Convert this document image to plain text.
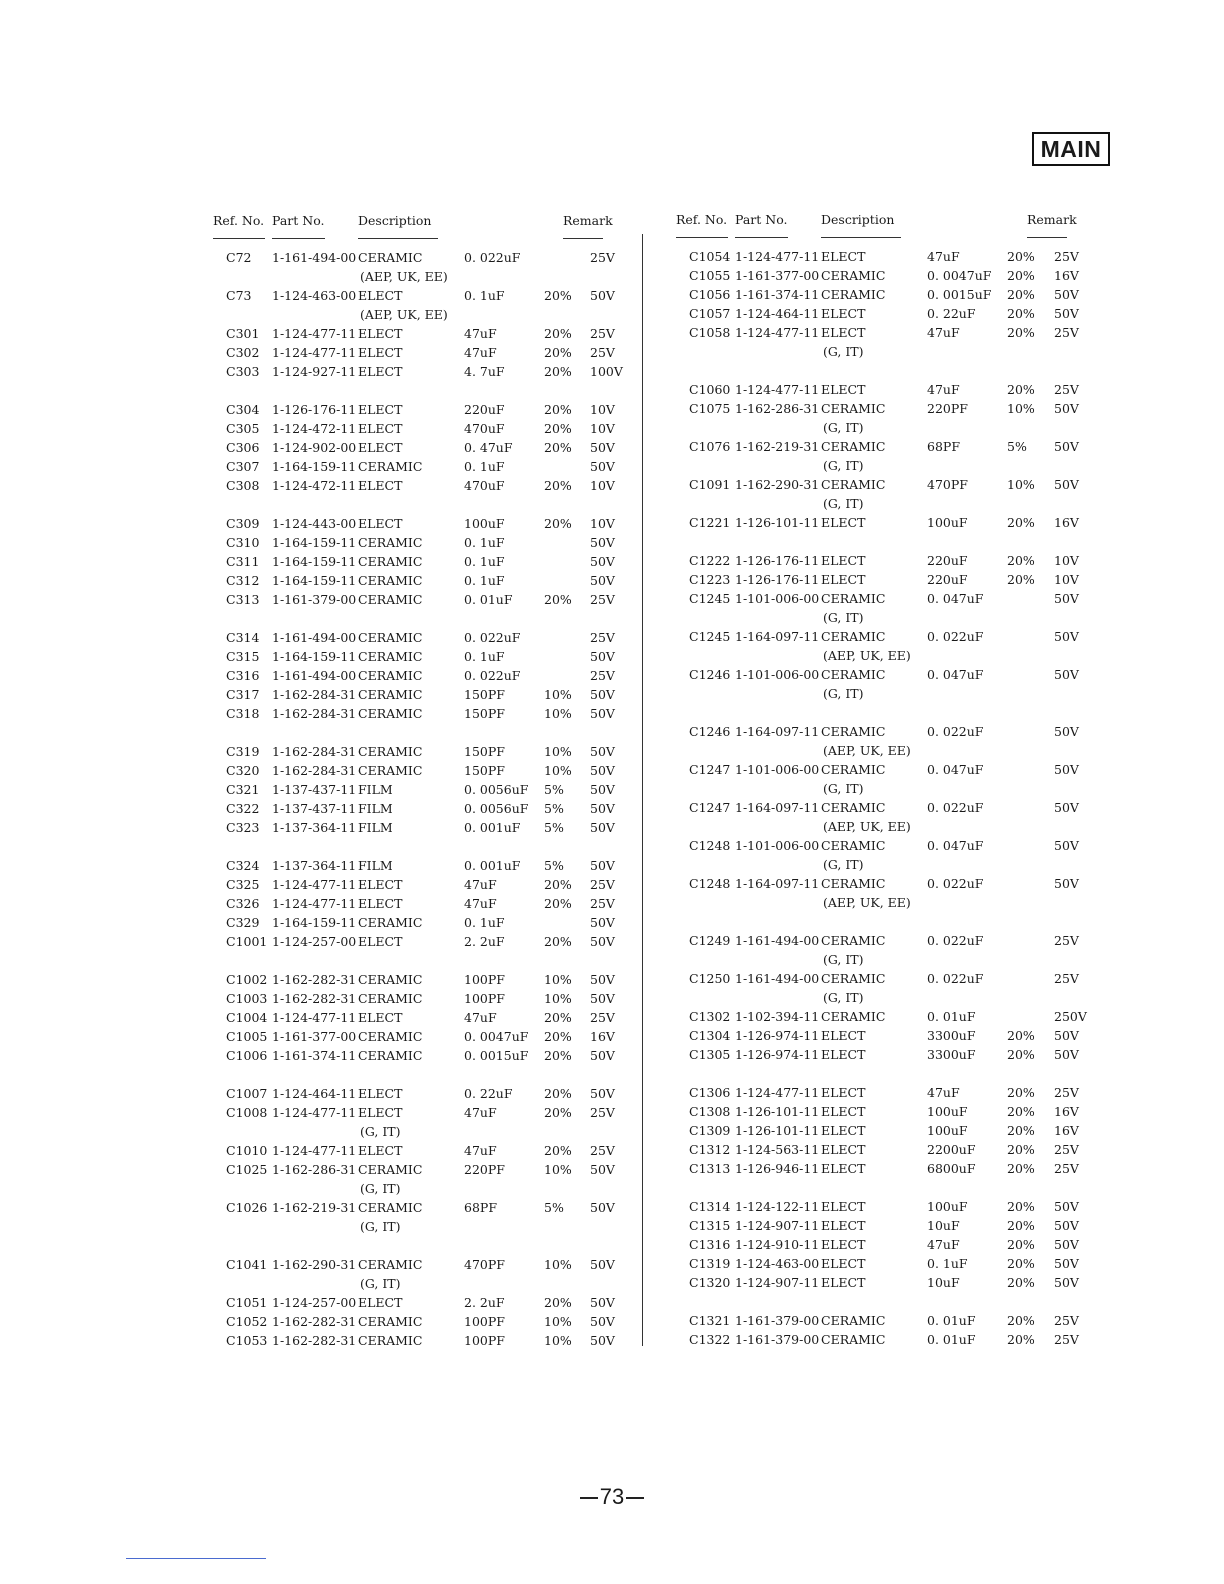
MAIN
Ref. No. Part No.	Description	Remark
C72 1-161-494-00 CERAMIC	0. 022uF	25V
(AEP, UK, EE)
C73 1-124-463-00 ELECT	0. 1uF	20% 50V
(AEP, UK, EE)
C301 1-124-477-11 ELECT	47uF	20% 25V
C302 1-124-477-11 ELECT	47uF	20% 25V
C303 1-124-927-11 ELECT	4. 7uF	20% 100V
C304 1-126-176-11 ELECT	220uF	20% 10V
C305 1-124-472-11 ELECT	470uF	20% 10V
C306 1-124-902-00 ELECT	0. 47uF	20% 50V
C307 1-164-159-11 CERAMIC	0. 1uF	50V
C308 1-124-472-11 ELECT	470uF	20% 10V
C309 1-124-443-00 ELECT	100uF	20% 10V
C310 1-164-159-11 CERAMIC	0. 1uF	50V
C311 1-164-159-11 CERAMIC	0. 1uF	50V
C312 1-164-159-11 CERAMIC	0. 1uF	50V
C313 1-161-379-00 CERAMIC	0. 01uF	20% 25V
C314 1-161-494-00 CERAMIC	0. 022uF	25V
C315 1-164-159-11 CERAMIC	0. 1uF	50V
C316 1-161-494-00 CERAMIC	0. 022uF	25V
C317 1-162-284-31 CERAMIC	150PF	10% 50V
C318 1-162-284-31 CERAMIC	150PF	10% 50V
C319 1-162-284-31 CERAMIC	150PF	10% 50V
C320 1-162-284-31 CERAMIC	150PF	10% 50V
C321 1-137-437-11 FILM	0. 0056uF 5% 50V
C322 1-137-437-11 FILM	0. 0056uF 5% 50V
C323 1-137-364-11 FILM	0. 001uF 5% 50V
C324 1-137-364-11 FILM	0. 001uF 5% 50V
C325 1-124-477-11 ELECT	47uF	20% 25V
C326 1-124-477-11 ELECT	47uF	20% 25V
C329 1-164-159-11 CERAMIC	0. 1uF	50V
C1001 1-124-257-00 ELECT	2. 2uF	20% 50V
C1002 1-162-282-31 CERAMIC	100PF	10% 50V
C1003 1-162-282-31 CERAMIC	100PF	10% 50V
C1004 1-124-477-11 ELECT	47uF	20% 25V
C1005 1-161-377-00 CERAMIC	0. 0047uF 20% 16V
C1006 1-161-374-11 CERAMIC	0. 0015uF 20% 50V
C1007 1-124-464-11 ELECT	0. 22uF	20% 50V
C1008 1-124-477-11 ELECT	47uF	20% 25V
(G, IT)
C1010 1-124-477-11 ELECT	47uF	20% 25V
C1025 1-162-286-31 CERAMIC	220PF	10% 50V
(G, IT)
C1026 1-162-219-31 CERAMIC	68PF	5% 50V
(G, IT)
C1041 1-162-290-31 CERAMIC	470PF	10% 50V
(G, IT)
C1051 1-124-257-00 ELECT	2. 2uF	20% 50V
C1052 1-162-282-31 CERAMIC	100PF	10% 50V
C1053 1-162-282-31 CERAMIC	100PF	10% 50V
Ref. No. Part No.	Description	Remark
C1054 1-124-477-11 ELECT	47uF	20% 25V
C1055 1-161-377-00 CERAMIC	0. 0047uF 20% 16V
C1056 1-161-374-11 CERAMIC	0. 0015uF 20% 50V
C1057 1-124-464-11 ELECT	0. 22uF	20% 50V
C1058 1-124-477-11 ELECT	47uF	20% 25V
(G, IT)
C1060 1-124-477-11 ELECT	47uF	20% 25V
C1075 1-162-286-31 CERAMIC	220PF	10% 50V
(G, IT)
C1076 1-162-219-31 CERAMIC	68PF	5% 50V
(G, IT)
C1091 1-162-290-31 CERAMIC	470PF	10% 50V
(G, IT)
C1221 1-126-101-11 ELECT	100uF	20% 16V
C1222 1-126-176-11 ELECT	220uF	20% 10V
C1223 1-126-176-11 ELECT	220uF	20% 10V
C1245 1-101-006-00 CERAMIC	0. 047uF	50V
(G, IT)
C1245 1-164-097-11 CERAMIC	0. 022uF	50V
(AEP, UK, EE)
C1246 1-101-006-00 CERAMIC	0. 047uF	50V
(G, IT)
C1246 1-164-097-11 CERAMIC	0. 022uF	50V
(AEP, UK, EE)
C1247 1-101-006-00 CERAMIC	0. 047uF	50V
(G, IT)
C1247 1-164-097-11 CERAMIC	0. 022uF	50V
(AEP, UK, EE)
C1248 1-101-006-00 CERAMIC	0. 047uF	50V
(G, IT)
C1248 1-164-097-11 CERAMIC	0. 022uF	50V
(AEP, UK, EE)
C1249 1-161-494-00 CERAMIC	0. 022uF	25V
(G, IT)
C1250 1-161-494-00 CERAMIC	0. 022uF	25V
(G, IT)
C1302 1-102-394-11 CERAMIC	0. 01uF	250V
C1304 1-126-974-11 ELECT	3300uF	20% 50V
C1305 1-126-974-11 ELECT	3300uF	20% 50V
C1306 1-124-477-11 ELECT	47uF	20% 25V
C1308 1-126-101-11 ELECT	100uF	20% 16V
C1309 1-126-101-11 ELECT	100uF	20% 16V
C1312 1-124-563-11 ELECT	2200uF	20% 25V
C1313 1-126-946-11 ELECT	6800uF	20% 25V
C1314 1-124-122-11 ELECT	100uF	20% 50V
C1315 1-124-907-11 ELECT	10uF	20% 50V
C1316 1-124-910-11 ELECT	47uF	20% 50V
C1319 1-124-463-00 ELECT	0. 1uF	20% 50V
C1320 1-124-907-11 ELECT	10uF	20% 50V
C1321 1-161-379-00 CERAMIC	0. 01uF	20% 25V
C1322 1-161-379-00 CERAMIC	0. 01uF	20% 25V
73
